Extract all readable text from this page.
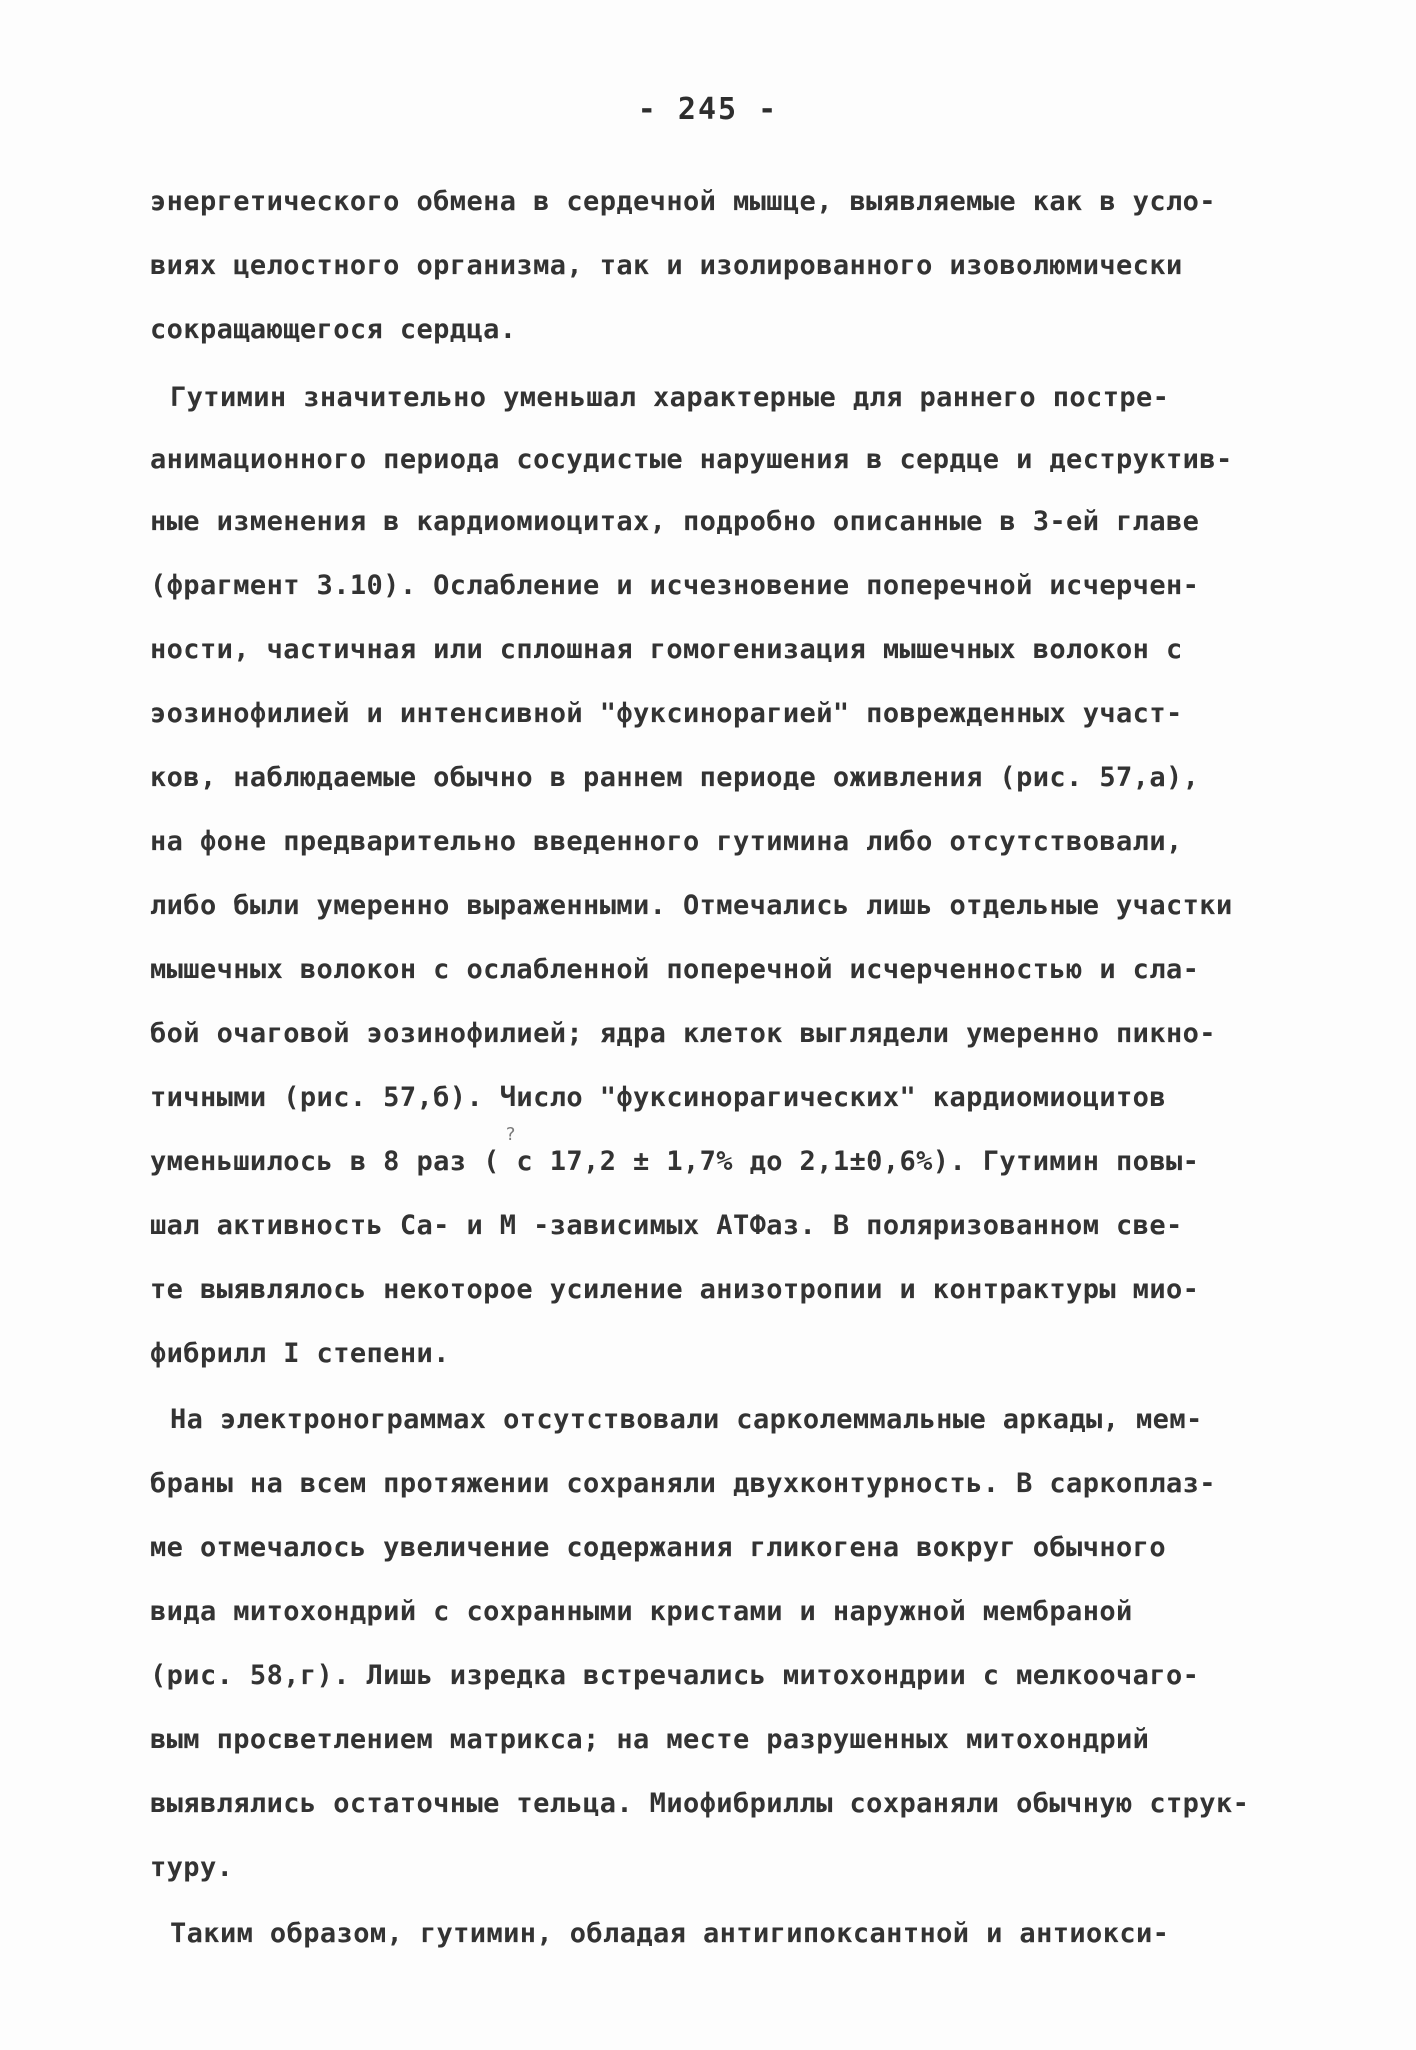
- 245 -
энергетического обмена в сердечной мышце, выявляемые как в усло-
виях целостного организма, так и изолированного изоволюмически
сокращающегося сердца.
Гутимин значительно уменьшал характерные для раннего постре-
анимационного периода сосудистые нарушения в сердце и деструктив-
ные изменения в кардиомиоцитах, подробно описанные в 3-ей главе
(фрагмент 3.10). Ослабление и исчезновение поперечной исчерчен-
ности, частичная или сплошная гомогенизация мышечных волокон с
эозинофилией и интенсивной "фуксинорагией" поврежденных участ-
ков, наблюдаемые обычно в раннем периоде оживления (рис. 57,а),
на фоне предварительно введенного гутимина либо отсутствовали,
либо были умеренно выраженными. Отмечались лишь отдельные участки
мышечных волокон с ослабленной поперечной исчерченностью и сла-
бой очаговой эозинофилией; ядра клеток выглядели умеренно пикно-
тичными (рис. 57,б). Число "фуксинорагических" кардиомиоцитов
уменьшилось в 8 раз ( с 17,2 ± 1,7% до 2,1±0,6%). Гутимин повы-
шал активность Са- и М -зависимых АТФаз. В поляризованном све-
те выявлялось некоторое усиление анизотропии и контрактуры мио-
фибрилл I степени.
На электронограммах отсутствовали сарколеммальные аркады, мем-
браны на всем протяжении сохраняли двухконтурность. В саркоплаз-
ме отмечалось увеличение содержания гликогена вокруг обычного
вида митохондрий с сохранными кристами и наружной мембраной
(рис. 58,г). Лишь изредка встречались митохондрии с мелкоочаго-
вым просветлением матрикса; на месте разрушенных митохондрий
выявлялись остаточные тельца. Миофибриллы сохраняли обычную струк-
туру.
Таким образом, гутимин, обладая антигипоксантной и антиокси-
?
